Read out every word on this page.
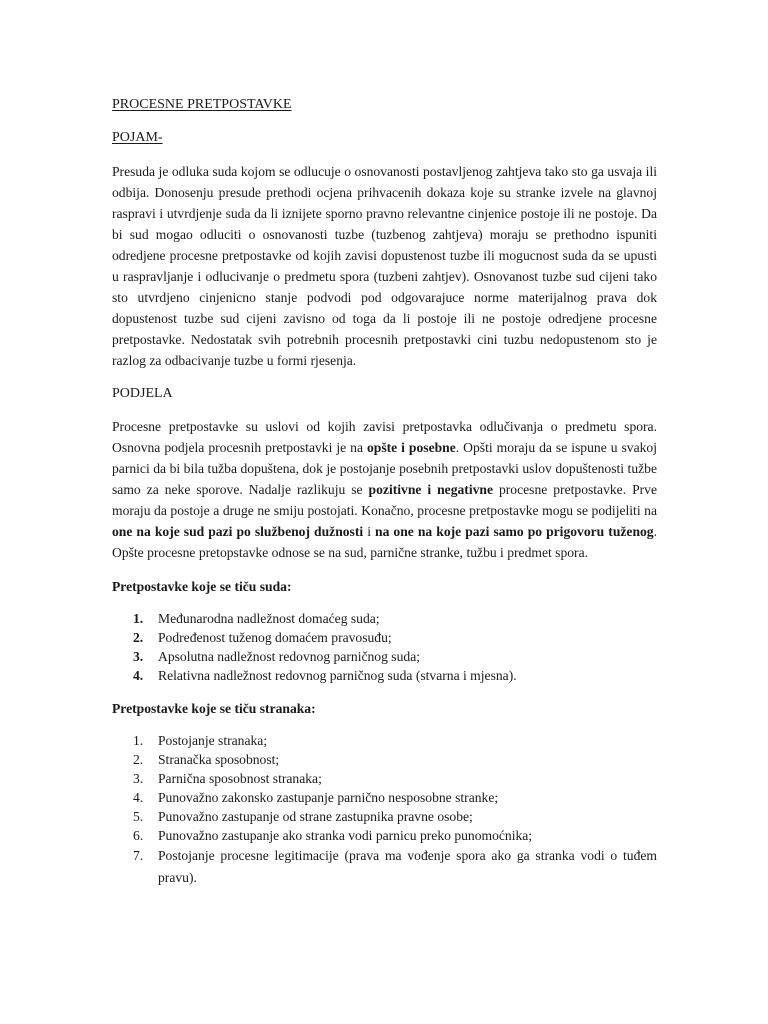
PROCESNE PRETPOSTAVKE
POJAM-

Presuda je odluka suda kojom se odlucuje o osnovanosti postavljenog zahtjeva tako sto ga usvaja ili odbija. Donosenju presude prethodi ocjena prihvacenih dokaza koje su stranke izvele na glavnoj raspravi i utvrdjenje suda da li iznijete sporno pravno relevantne cinjenice postoje ili ne postoje. Da bi sud mogao odluciti o osnovanosti tuzbe (tuzbenog zahtjeva) moraju se prethodno ispuniti odredjene procesne pretpostavke od kojih zavisi dopustenost tuzbe ili mogucnost suda da se upusti u raspravljanje i odlucivanje o predmetu spora (tuzbeni zahtjev). Osnovanost tuzbe sud cijeni tako sto utvrdjeno cinjenicno stanje podvodi pod odgovarajuce norme materijalnog prava dok dopustenost tuzbe sud cijeni zavisno od toga da li postoje ili ne postoje odredjene procesne pretpostavke. Nedostatak svih potrebnih procesnih pretpostavki cini tuzbu nedopustenom sto je razlog za odbacivanje tuzbe u formi rjesenja.

PODJELA

Procesne pretpostavke su uslovi od kojih zavisi pretpostavka odlučivanja o predmetu spora. Osnovna podjela procesnih pretpostavki je na opšte i posebne. Opšti moraju da se ispune u svakoj parnici da bi bila tužba dopuštena, dok je postojanje posebnih pretpostavki uslov dopuštenosti tužbe samo za neke sporove. Nadalje razlikuju se pozitivne i negativne procesne pretpostavke. Prve moraju da postoje a druge ne smiju postojati. Konačno, procesne pretpostavke mogu se podijeliti na one na koje sud pazi po službenoj dužnosti i na one na koje pazi samo po prigovoru tuženog. Opšte procesne pretopstavke odnose se na sud, parnične stranke, tužbu i predmet spora.

Pretpostavke koje se tiču suda:
1. Međunarodna nadležnost domaćeg suda;
2. Podređenost tuženog domaćem pravosuđu;
3. Apsolutna nadležnost redovnog parničnog suda;
4. Relativna nadležnost redovnog parničnog suda (stvarna i mjesna).
Pretpostavke koje se tiču stranaka:
1. Postojanje stranaka;
2. Stranačka sposobnost;
3. Parnična sposobnost stranaka;
4. Punovažno zakonsko zastupanje parnično nesposobne stranke;
5. Punovažno zastupanje od strane zastupnika pravne osobe;
6. Punovažno zastupanje ako stranka vodi parnicu preko punomoćnika;
7. Postojanje procesne legitimacije (prava ma vođenje spora ako ga stranka vodi o tuđem pravu).
